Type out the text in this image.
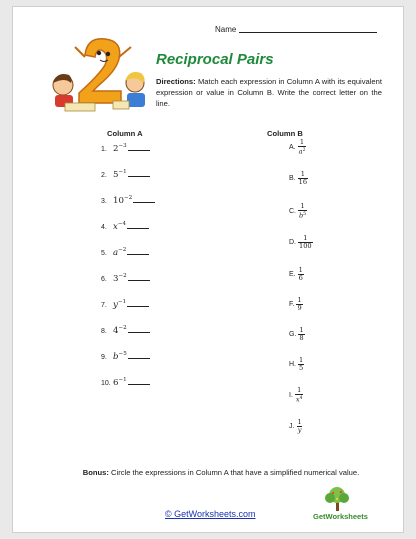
Name
Reciprocal Pairs
Directions: Match each expression in Column A with its equivalent expression or value in Column B. Write the correct letter on the line.
Column A	Column B
1. $2^{-3}$
2. $5^{-1}$
3. $10^{-2}$
4. $x^{-4}$
5. $a^{-2}$
6. $3^{-2}$
7. $y^{-1}$
8. $4^{-2}$
9. $b^{-5}$
10. $6^{-1}$
A. $\frac{1}{a^2}$
B. $\frac{1}{16}$
C. $\frac{1}{b^5}$
D. $\frac{1}{100}$
E. $\frac{1}{6}$
F. $\frac{1}{9}$
G. $\frac{1}{8}$
H. $\frac{1}{5}$
I. $\frac{1}{x^4}$
J. $\frac{1}{y}$
Bonus: Circle the expressions in Column A that have a simplified numerical value.
© GetWorksheets.com	GetWorksheets
